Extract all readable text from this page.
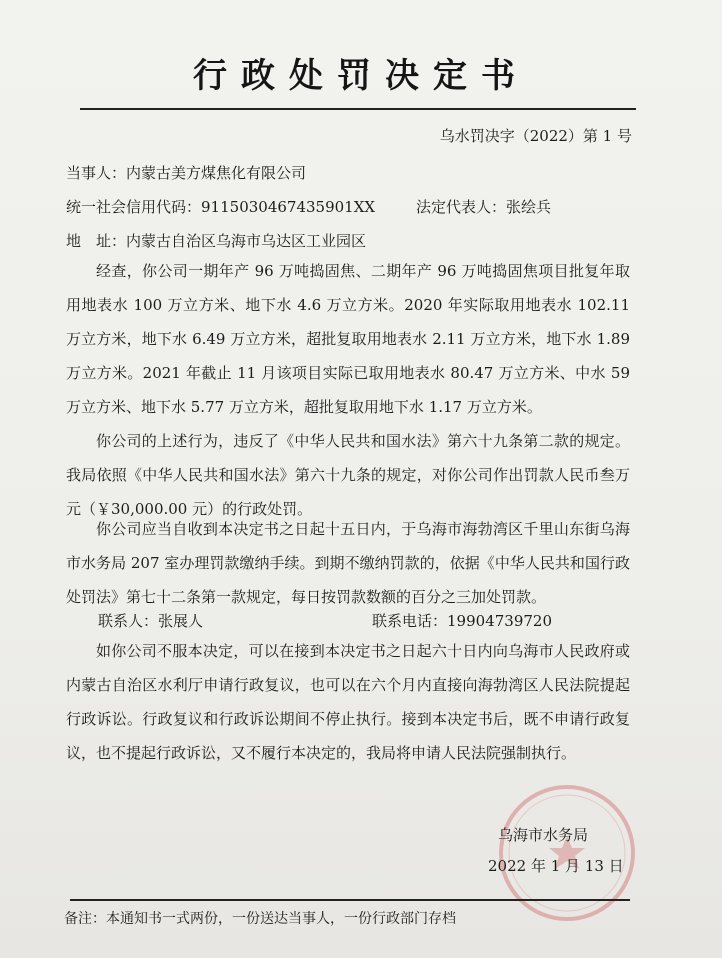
行政处罚决定书
乌水罚决字（2022）第 1 号
当事人：内蒙古美方煤焦化有限公司
统一社会信用代码：9115030467435901XX	法定代表人：张绘兵
地　址：内蒙古自治区乌海市乌达区工业园区
经查，你公司一期年产 96 万吨捣固焦、二期年产 96 万吨捣固焦项目批复年取用地表水 100 万立方米、地下水 4.6 万立方米。2020 年实际取用地表水 102.11 万立方米，地下水 6.49 万立方米，超批复取用地表水 2.11 万立方米，地下水 1.89 万立方米。2021 年截止 11 月该项目实际已取用地表水 80.47 万立方米、中水 59 万立方米、地下水 5.77 万立方米，超批复取用地下水 1.17 万立方米。
你公司的上述行为，违反了《中华人民共和国水法》第六十九条第二款的规定。我局依照《中华人民共和国水法》第六十九条的规定，对你公司作出罚款人民币叁万元（￥30,000.00 元）的行政处罚。
你公司应当自收到本决定书之日起十五日内，于乌海市海勃湾区千里山东街乌海市水务局 207 室办理罚款缴纳手续。到期不缴纳罚款的，依据《中华人民共和国行政处罚法》第七十二条第一款规定，每日按罚款数额的百分之三加处罚款。
联系人：张展人	联系电话：19904739720
如你公司不服本决定，可以在接到本决定书之日起六十日内向乌海市人民政府或内蒙古自治区水利厅申请行政复议，也可以在六个月内直接向海勃湾区人民法院提起行政诉讼。行政复议和行政诉讼期间不停止执行。接到本决定书后，既不申请行政复议，也不提起行政诉讼，又不履行本决定的，我局将申请人民法院强制执行。
乌海市水务局
2022 年 1 月 13 日
备注：本通知书一式两份，一份送达当事人，一份行政部门存档
